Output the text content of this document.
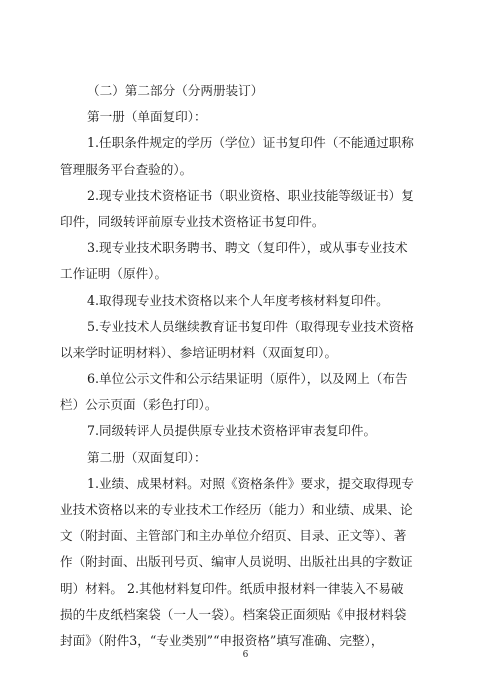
（二）第二部分（分两册装订）
第一册（单面复印）：
1.任职条件规定的学历（学位）证书复印件（不能通过职称
管理服务平台查验的）。
2.现专业技术资格证书（职业资格、职业技能等级证书）复
印件，同级转评前原专业技术资格证书复印件。
3.现专业技术职务聘书、聘文（复印件），或从事专业技术
工作证明（原件）。
4.取得现专业技术资格以来个人年度考核材料复印件。
5.专业技术人员继续教育证书复印件（取得现专业技术资格
以来学时证明材料）、参培证明材料（双面复印）。
6.单位公示文件和公示结果证明（原件），以及网上（布告
栏）公示页面（彩色打印）。
7.同级转评人员提供原专业技术资格评审表复印件。
第二册（双面复印）：
1.业绩、成果材料。对照《资格条件》要求，提交取得现专
业技术资格以来的专业技术工作经历（能力）和业绩、成果、论
文（附封面、主管部门和主办单位介绍页、目录、正文等）、著
作（附封面、出版刊号页、编审人员说明、出版社出具的字数证
明）材料。 2.其他材料复印件。纸质申报材料一律装入不易破
损的牛皮纸档案袋（一人一袋）。档案袋正面须贴《申报材料袋
封面》（附件3，“专业类别”“申报资格”填写准确、完整），
6
